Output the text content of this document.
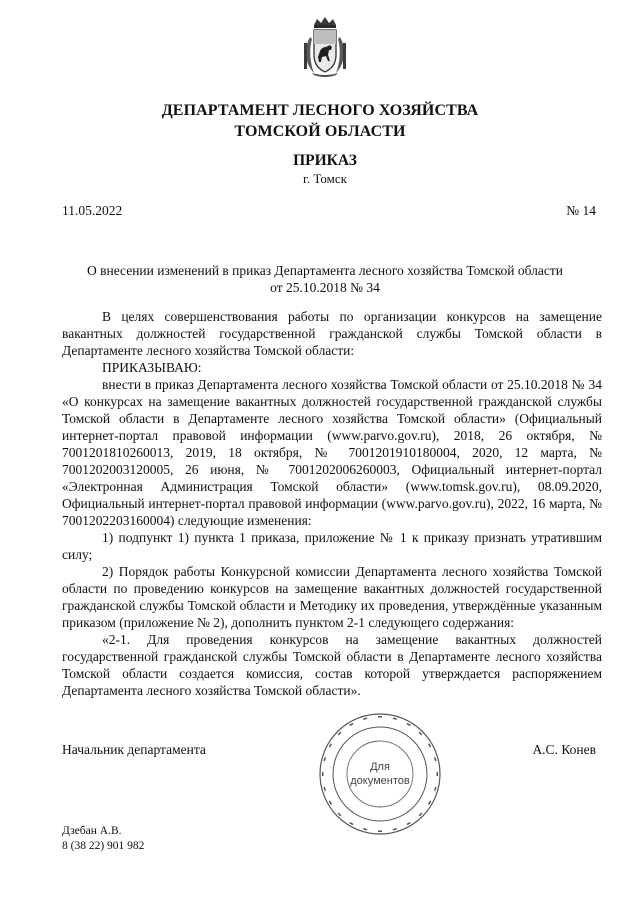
ДЕПАРТАМЕНТ ЛЕСНОГО ХОЗЯЙСТВА
ТОМСКОЙ ОБЛАСТИ
ПРИКАЗ
г. Томск
11.05.2022	№ 14
О внесении изменений в приказ Департамента лесного хозяйства Томской области
от 25.10.2018 № 34

В целях совершенствования работы по организации конкурсов на замещение вакантных должностей государственной гражданской службы Томской области в Департаменте лесного хозяйства Томской области:

ПРИКАЗЫВАЮ:

внести в приказ Департамента лесного хозяйства Томской области от 25.10.2018 № 34 «О конкурсах на замещение вакантных должностей государственной гражданской службы Томской области в Департаменте лесного хозяйства Томской области» (Официальный интернет-портал правовой информации (www.parvo.gov.ru), 2018, 26 октября, № 7001201810260013, 2019, 18 октября, № 7001201910180004, 2020, 12 марта, № 7001202003120005, 26 июня, № 7001202006260003, Официальный интернет-портал «Электронная Администрация Томской области» (www.tomsk.gov.ru), 08.09.2020, Официальный интернет-портал правовой информации (www.parvo.gov.ru), 2022, 16 марта, № 7001202203160004) следующие изменения:

1) подпункт 1) пункта 1 приказа, приложение № 1 к приказу признать утратившим силу;

2) Порядок работы Конкурсной комиссии Департамента лесного хозяйства Томской области по проведению конкурсов на замещение вакантных должностей государственной гражданской службы Томской области и Методику их проведения, утверждённые указанным приказом (приложение № 2), дополнить пунктом 2-1 следующего содержания:

«2-1. Для проведения конкурсов на замещение вакантных должностей государственной гражданской службы Томской области в Департаменте лесного хозяйства Томской области создается комиссия, состав которой утверждается распоряжением Департамента лесного хозяйства Томской области».

Начальник департамента	А.С. Конев
Для
документов
Дзебан А.В.
8 (38 22) 901 982
